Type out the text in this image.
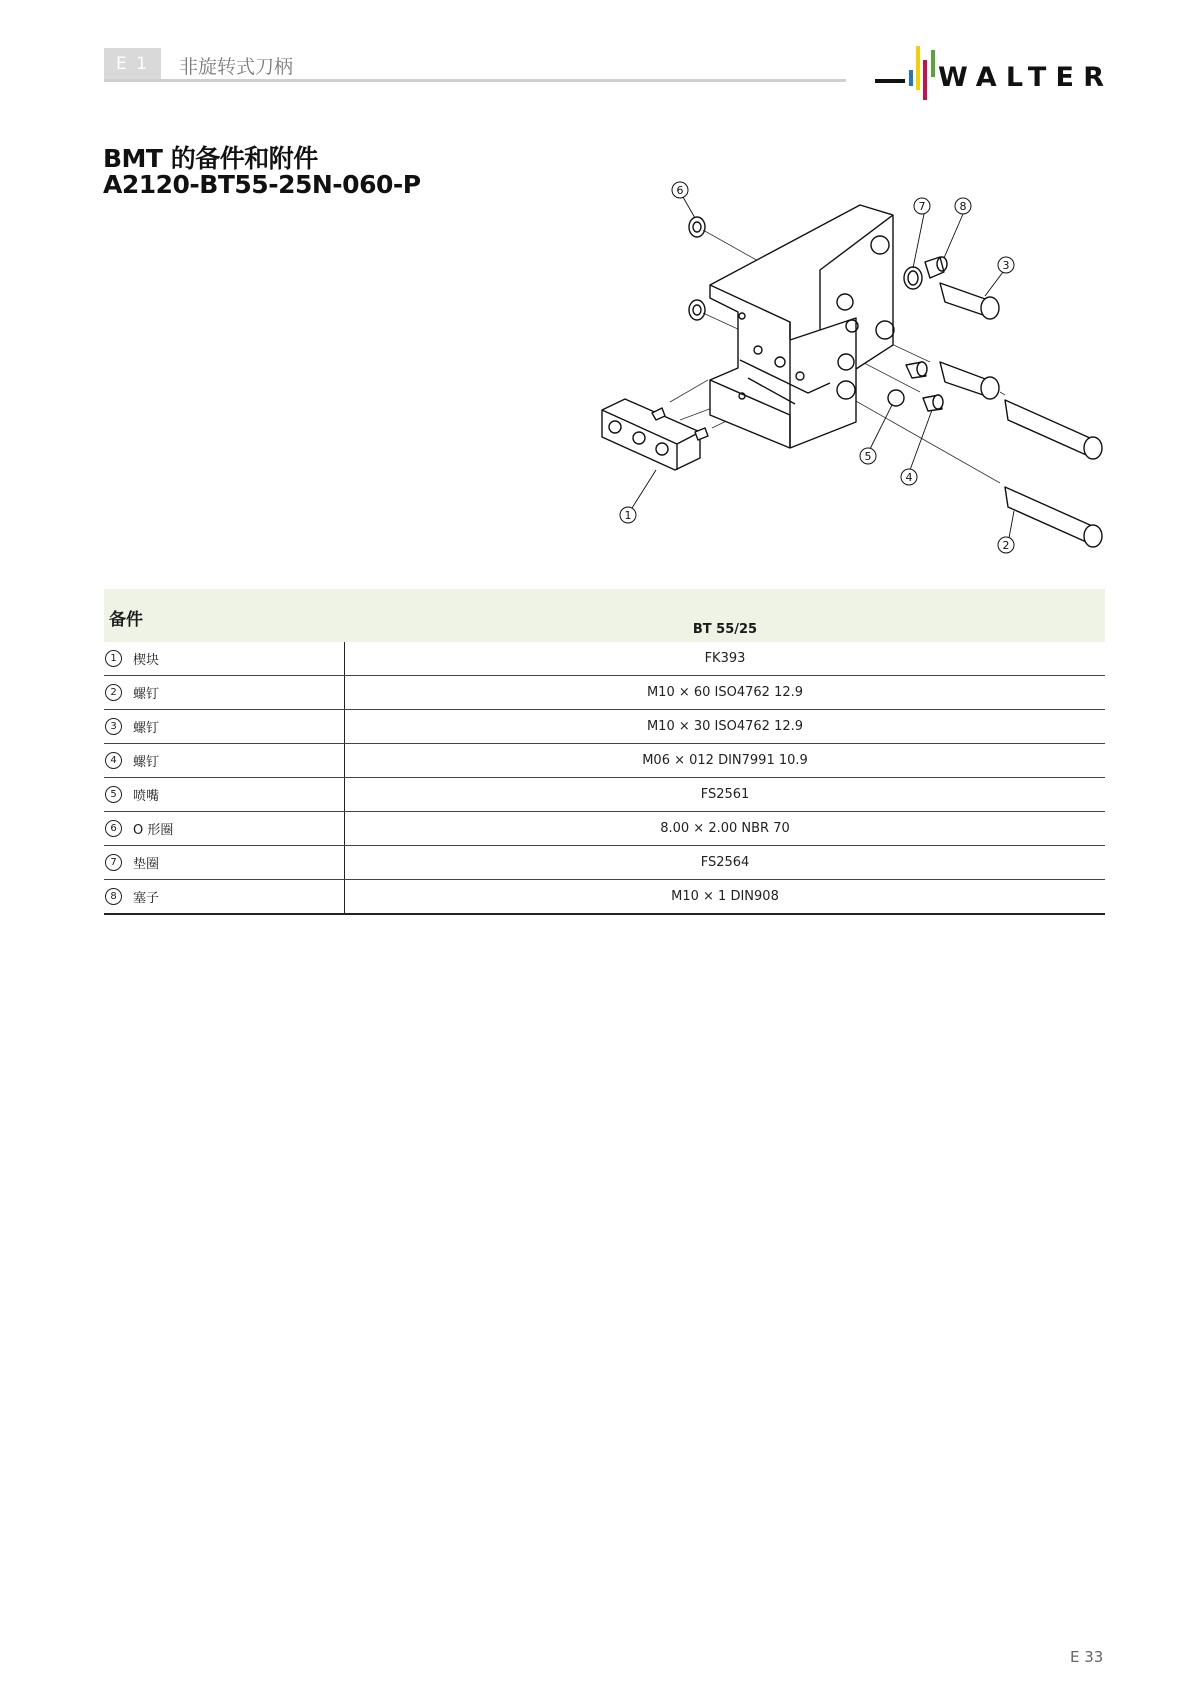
E 1	非旋转式刀柄	WALTER
BMT 的备件和附件
A2120-BT55-25N-060-P	6
7	8
3
5
4
1
2
备件	BT 55/25
1	楔块	FK393
2	螺钉	M10 × 60 ISO4762 12.9
3	螺钉	M10 × 30 ISO4762 12.9
4	螺钉	M06 × 012 DIN7991 10.9
5	喷嘴	FS2561
6	O 形圈	8.00 × 2.00 NBR 70
7	垫圈	FS2564
8	塞子	M10 × 1 DIN908
E 33
